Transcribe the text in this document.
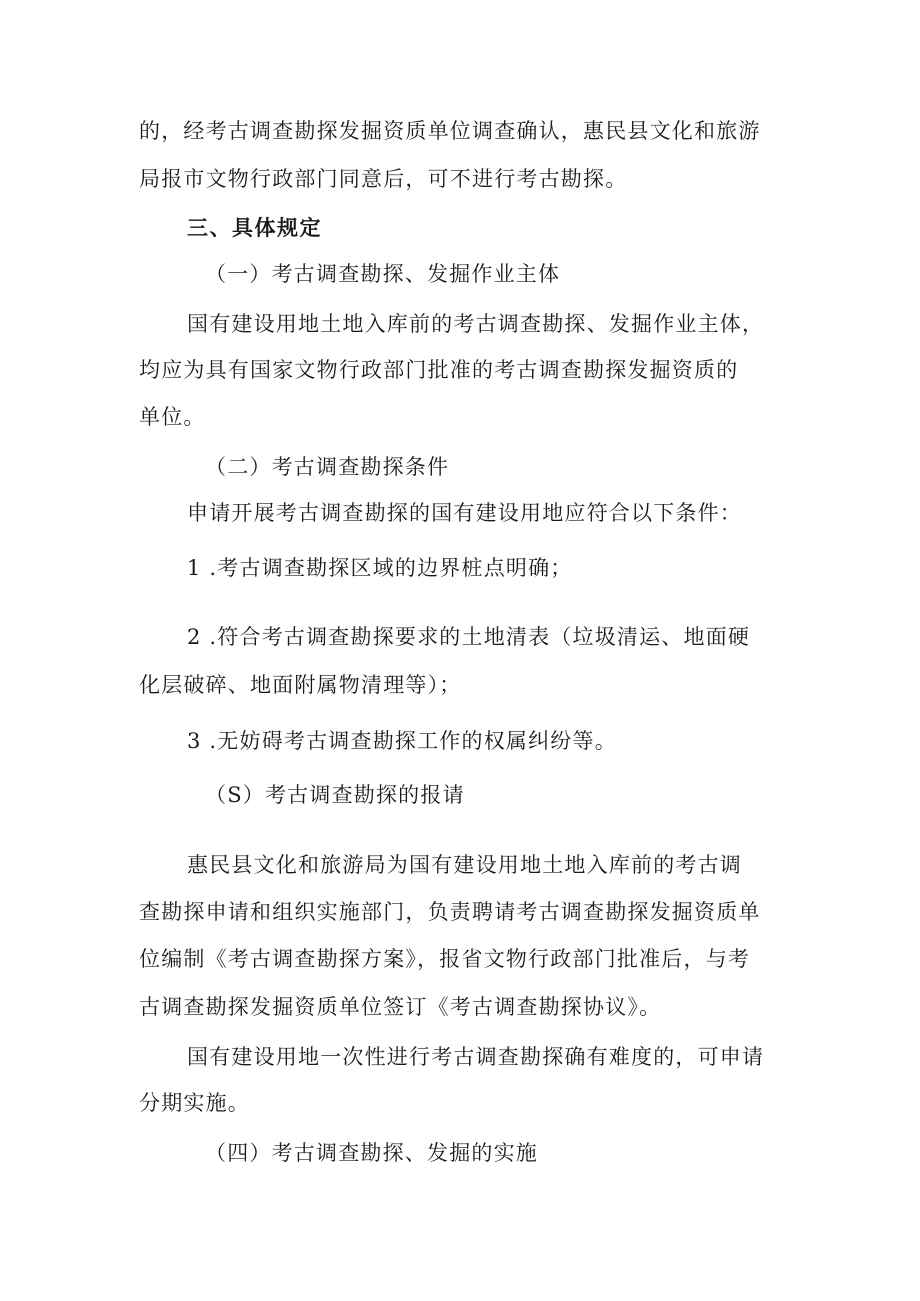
的，经考古调查勘探发掘资质单位调查确认，惠民县文化和旅游
局报市文物行政部门同意后，可不进行考古勘探。
三、具体规定
（一）考古调查勘探、发掘作业主体
国有建设用地土地入库前的考古调查勘探、发掘作业主体，
均应为具有国家文物行政部门批准的考古调查勘探发掘资质的
单位。
（二）考古调查勘探条件
申请开展考古调查勘探的国有建设用地应符合以下条件：
1 .考古调查勘探区域的边界桩点明确；
2 .符合考古调查勘探要求的土地清表（垃圾清运、地面硬
化层破碎、地面附属物清理等）；
3 .无妨碍考古调查勘探工作的权属纠纷等。
（S）考古调查勘探的报请
惠民县文化和旅游局为国有建设用地土地入库前的考古调
查勘探申请和组织实施部门，负责聘请考古调查勘探发掘资质单
位编制《考古调查勘探方案》，报省文物行政部门批准后，与考
古调查勘探发掘资质单位签订《考古调查勘探协议》。
国有建设用地一次性进行考古调查勘探确有难度的，可申请
分期实施。
（四）考古调查勘探、发掘的实施
